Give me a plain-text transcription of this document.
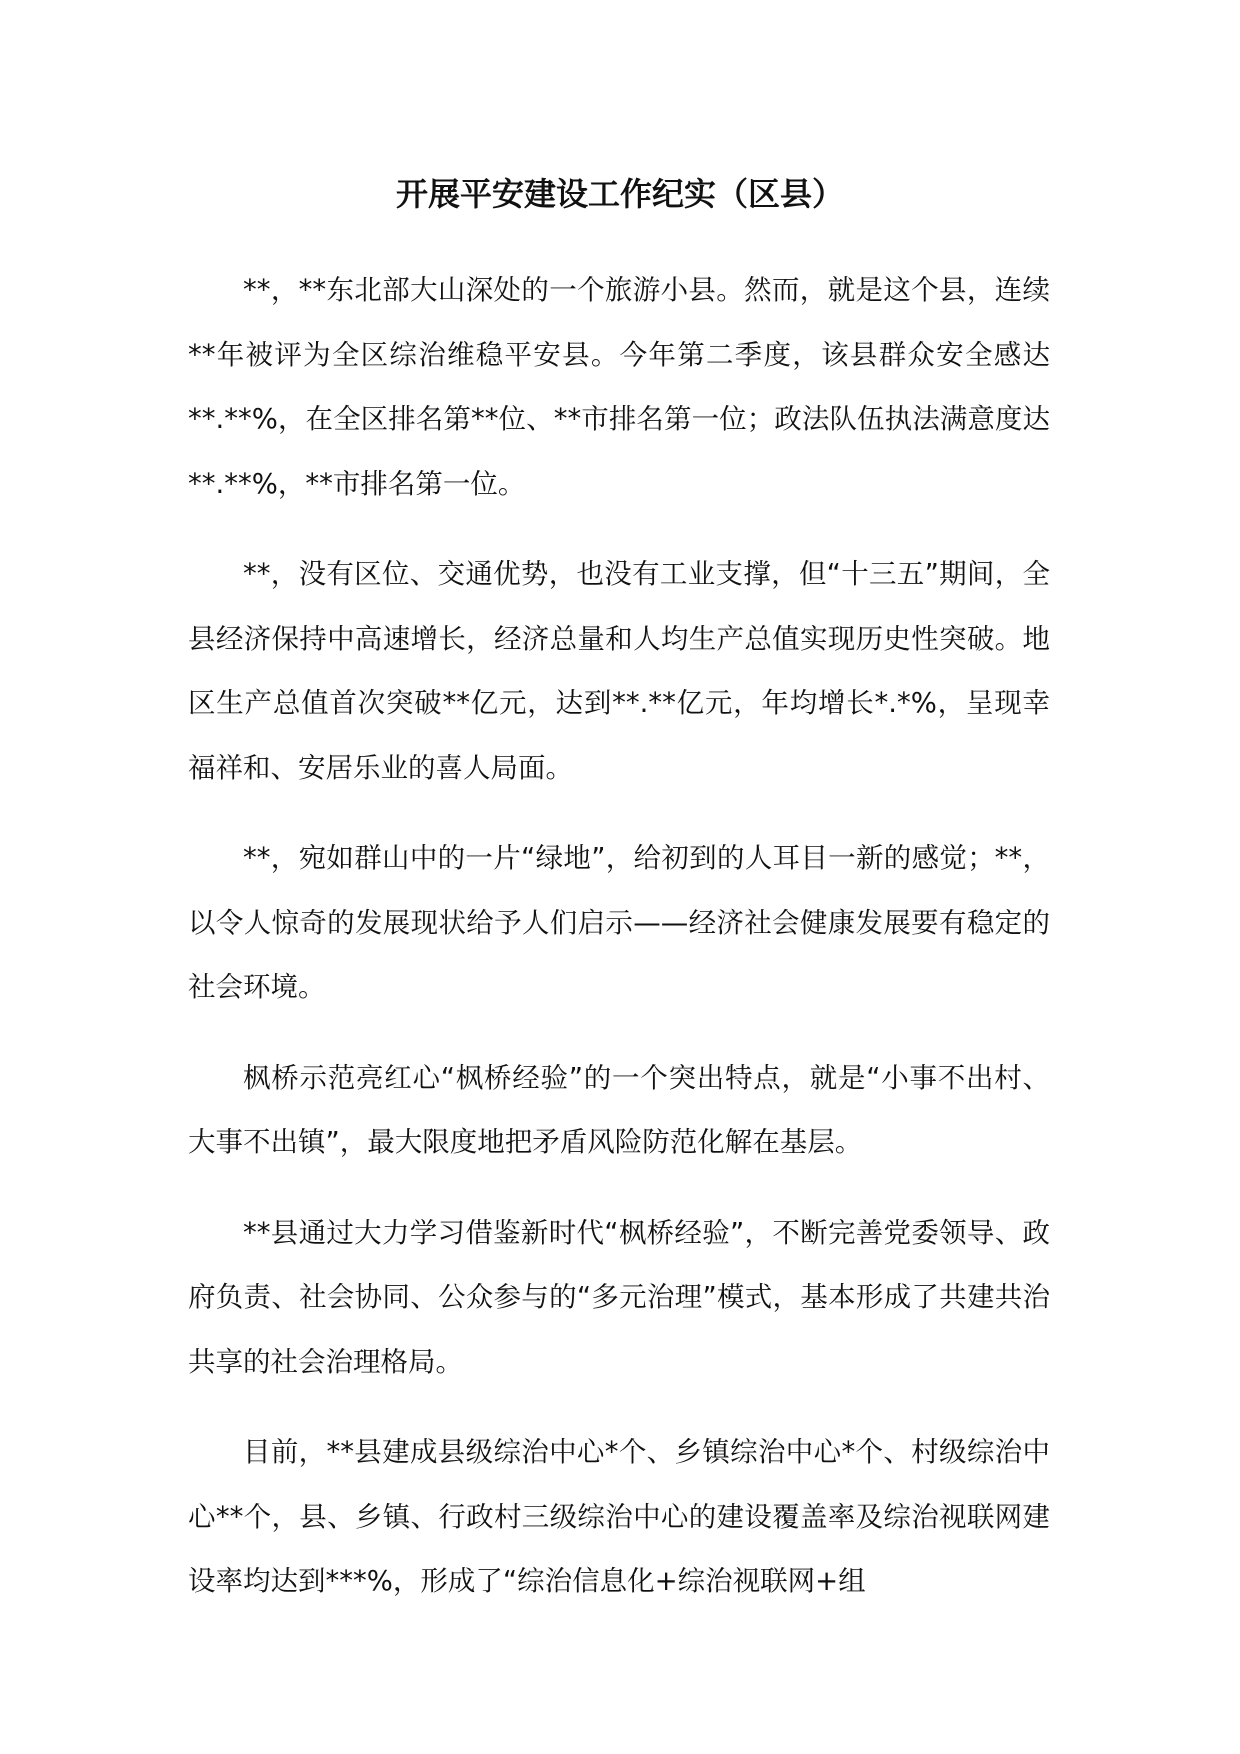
开展平安建设工作纪实（区县）

**，**东北部大山深处的一个旅游小县。然而，就是这个县，连续**年被评为全区综治维稳平安县。今年第二季度，该县群众安全感达**.**%，在全区排名第**位、**市排名第一位；政法队伍执法满意度达**.**%，**市排名第一位。

**，没有区位、交通优势，也没有工业支撑，但“十三五”期间，全县经济保持中高速增长，经济总量和人均生产总值实现历史性突破。地区生产总值首次突破**亿元，达到**.**亿元，年均增长*.*%，呈现幸福祥和、安居乐业的喜人局面。

**，宛如群山中的一片“绿地”，给初到的人耳目一新的感觉；**，以令人惊奇的发展现状给予人们启示——经济社会健康发展要有稳定的社会环境。

枫桥示范亮红心“枫桥经验”的一个突出特点，就是“小事不出村、大事不出镇”，最大限度地把矛盾风险防范化解在基层。

**县通过大力学习借鉴新时代“枫桥经验”，不断完善党委领导、政府负责、社会协同、公众参与的“多元治理”模式，基本形成了共建共治共享的社会治理格局。

目前，**县建成县级综治中心*个、乡镇综治中心*个、村级综治中心**个，县、乡镇、行政村三级综治中心的建设覆盖率及综治视联网建设率均达到***%，形成了“综治信息化+综治视联网+组
